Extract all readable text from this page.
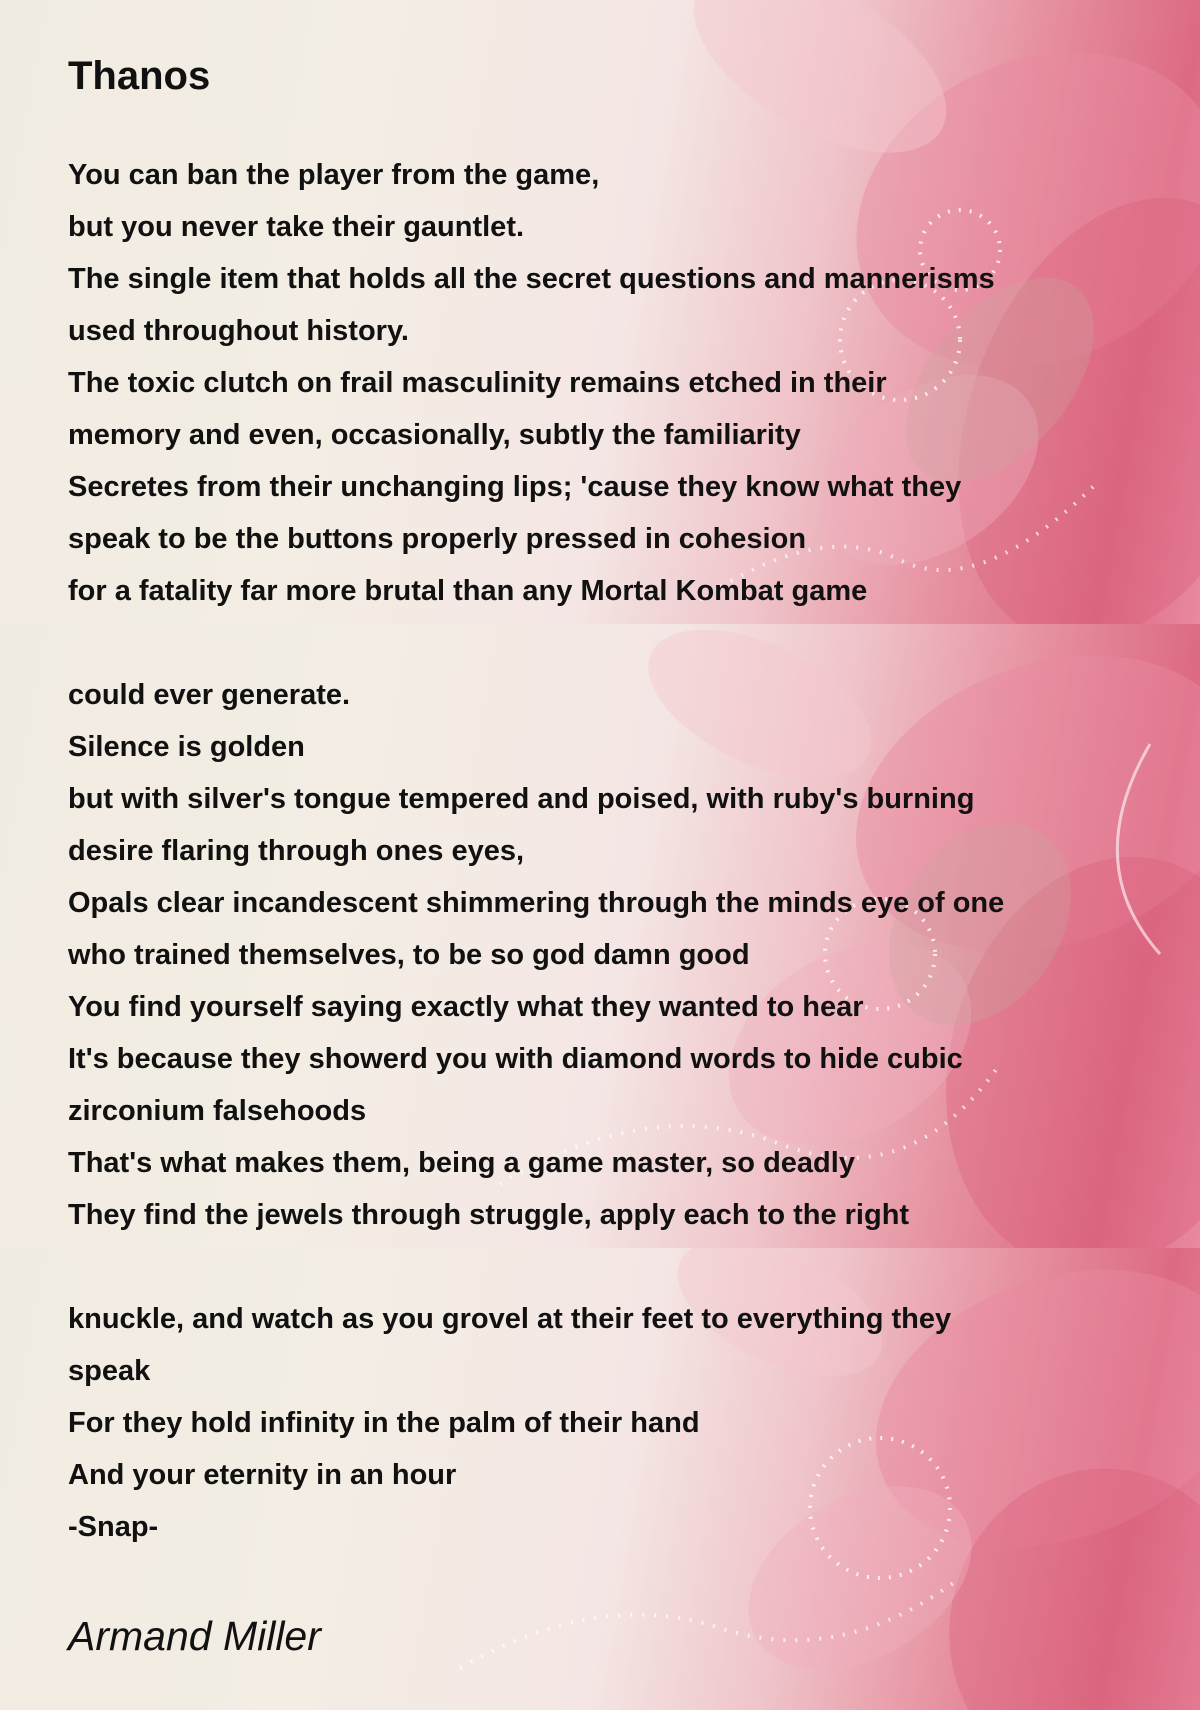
Thanos

You can ban the player from the game,

but you never take their gauntlet.

The single item that holds all the secret questions and mannerisms

used throughout history.

The toxic clutch on frail masculinity remains etched in their

memory and even, occasionally, subtly the familiarity

Secretes from their unchanging lips; 'cause they know what they

speak to be the buttons properly pressed in cohesion

for a fatality far more brutal than any Mortal Kombat game

could ever generate.

Silence is golden

but with silver's tongue tempered and poised, with ruby's burning

desire flaring through ones eyes,

Opals clear incandescent shimmering through the minds eye of one

who trained themselves, to be so god damn good

You find yourself saying exactly what they wanted to hear

It's because they showerd you with diamond words to hide cubic

zirconium falsehoods

That's what makes them, being a game master, so deadly

They find the jewels through struggle, apply each to the right

knuckle, and watch as you grovel at their feet to everything they

speak

For they hold infinity in the palm of their hand

And your eternity in an hour

-Snap-

Armand Miller
